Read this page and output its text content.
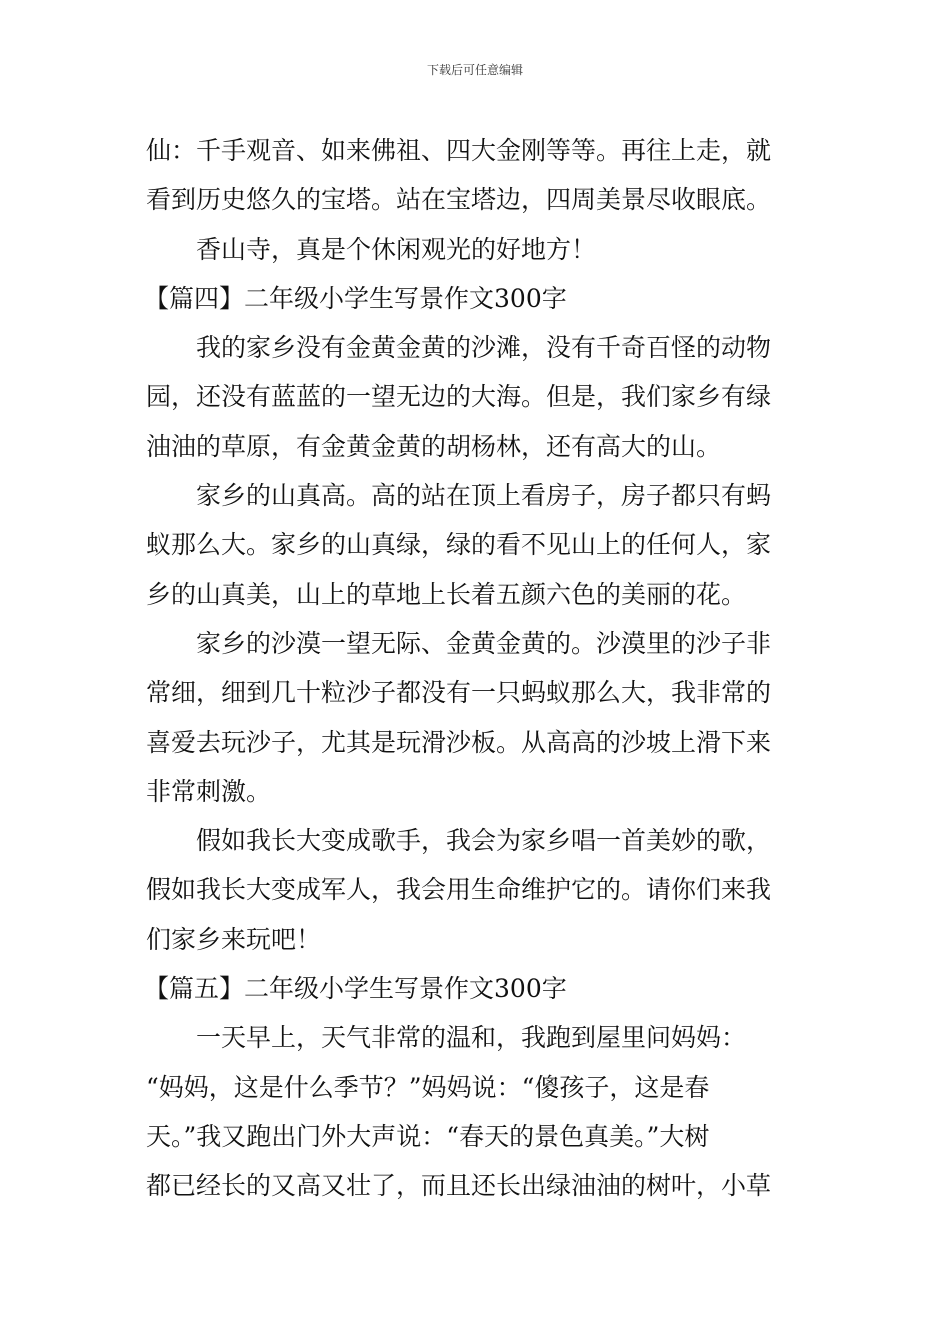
下载后可任意编辑
仙：千手观音、如来佛祖、四大金刚等等。再往上走，就
看到历史悠久的宝塔。站在宝塔边，四周美景尽收眼底。
香山寺，真是个休闲观光的好地方！
【篇四】二年级小学生写景作文300字
我的家乡没有金黄金黄的沙滩，没有千奇百怪的动物
园，还没有蓝蓝的一望无边的大海。但是，我们家乡有绿
油油的草原，有金黄金黄的胡杨林，还有高大的山。
家乡的山真高。高的站在顶上看房子，房子都只有蚂
蚁那么大。家乡的山真绿，绿的看不见山上的任何人，家
乡的山真美，山上的草地上长着五颜六色的美丽的花。
家乡的沙漠一望无际、金黄金黄的。沙漠里的沙子非
常细，细到几十粒沙子都没有一只蚂蚁那么大，我非常的
喜爱去玩沙子，尤其是玩滑沙板。从高高的沙坡上滑下来
非常刺激。
假如我长大变成歌手，我会为家乡唱一首美妙的歌，
假如我长大变成军人，我会用生命维护它的。请你们来我
们家乡来玩吧！
【篇五】二年级小学生写景作文300字
一天早上，天气非常的温和，我跑到屋里问妈妈：
“妈妈，这是什么季节？”妈妈说：“傻孩子，这是春
天。”我又跑出门外大声说：“春天的景色真美。”大树
都已经长的又高又壮了，而且还长出绿油油的树叶，小草
